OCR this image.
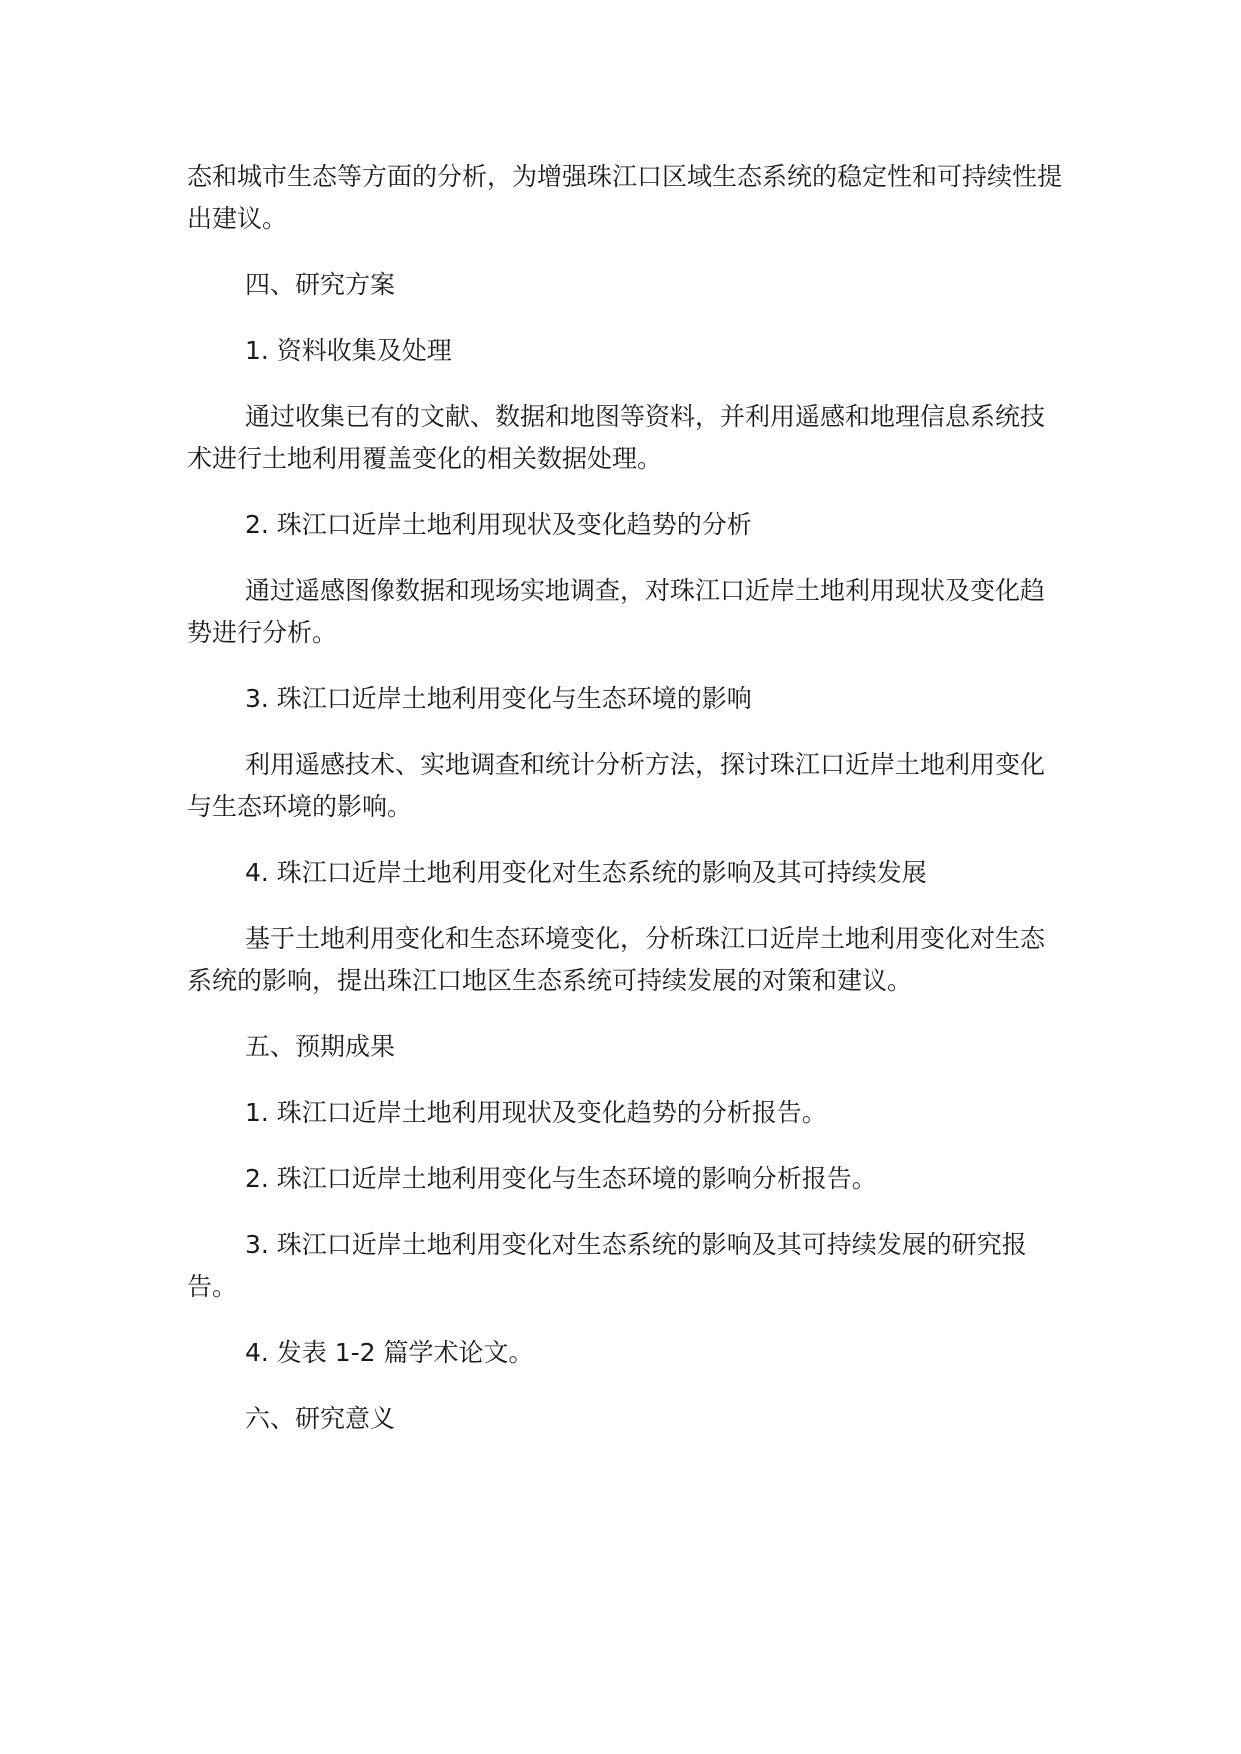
态和城市生态等方面的分析，为增强珠江口区域生态系统的稳定性和可持续性提出建议。

四、研究方案

1. 资料收集及处理

通过收集已有的文献、数据和地图等资料，并利用遥感和地理信息系统技术进行土地利用覆盖变化的相关数据处理。

2. 珠江口近岸土地利用现状及变化趋势的分析

通过遥感图像数据和现场实地调查，对珠江口近岸土地利用现状及变化趋势进行分析。

3. 珠江口近岸土地利用变化与生态环境的影响

利用遥感技术、实地调查和统计分析方法，探讨珠江口近岸土地利用变化与生态环境的影响。

4. 珠江口近岸土地利用变化对生态系统的影响及其可持续发展

基于土地利用变化和生态环境变化，分析珠江口近岸土地利用变化对生态系统的影响，提出珠江口地区生态系统可持续发展的对策和建议。

五、预期成果

1. 珠江口近岸土地利用现状及变化趋势的分析报告。

2. 珠江口近岸土地利用变化与生态环境的影响分析报告。

3. 珠江口近岸土地利用变化对生态系统的影响及其可持续发展的研究报告。

4. 发表 1-2 篇学术论文。

六、研究意义
